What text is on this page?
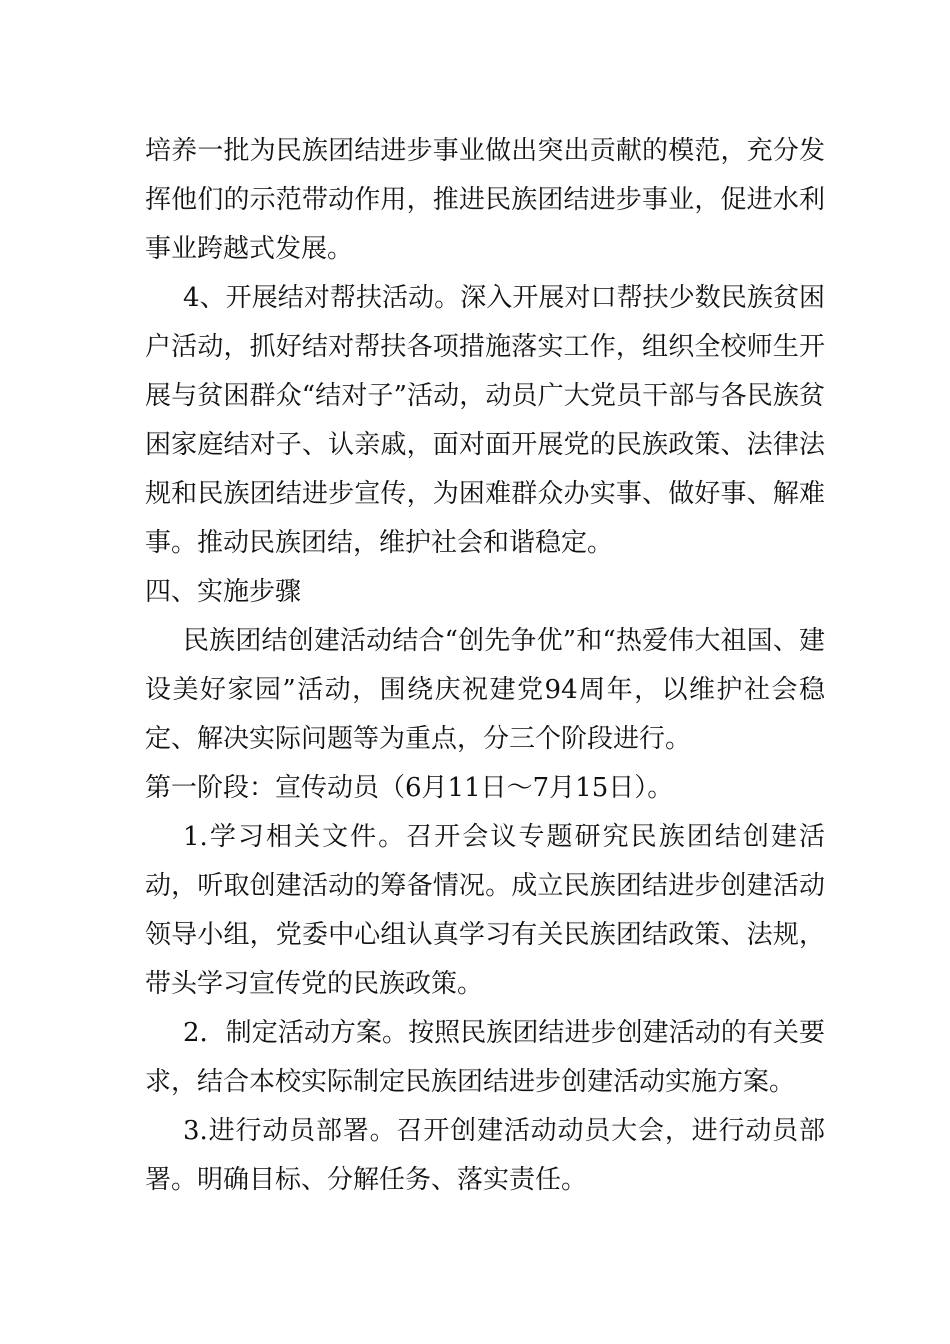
培养一批为民族团结进步事业做出突出贡献的模范，充分发挥他们的示范带动作用，推进民族团结进步事业，促进水利事业跨越式发展。

4、开展结对帮扶活动。深入开展对口帮扶少数民族贫困户活动，抓好结对帮扶各项措施落实工作，组织全校师生开展与贫困群众“结对子”活动，动员广大党员干部与各民族贫困家庭结对子、认亲戚，面对面开展党的民族政策、法律法规和民族团结进步宣传，为困难群众办实事、做好事、解难事。推动民族团结，维护社会和谐稳定。

四、实施步骤

民族团结创建活动结合“创先争优”和“热爱伟大祖国、建设美好家园”活动，围绕庆祝建党94周年，以维护社会稳定、解决实际问题等为重点，分三个阶段进行。

第一阶段：宣传动员（6月11日～7月15日）。

1.学习相关文件。召开会议专题研究民族团结创建活动，听取创建活动的筹备情况。成立民族团结进步创建活动领导小组，党委中心组认真学习有关民族团结政策、法规，带头学习宣传党的民族政策。

2．制定活动方案。按照民族团结进步创建活动的有关要求，结合本校实际制定民族团结进步创建活动实施方案。

3.进行动员部署。召开创建活动动员大会，进行动员部署。明确目标、分解任务、落实责任。
